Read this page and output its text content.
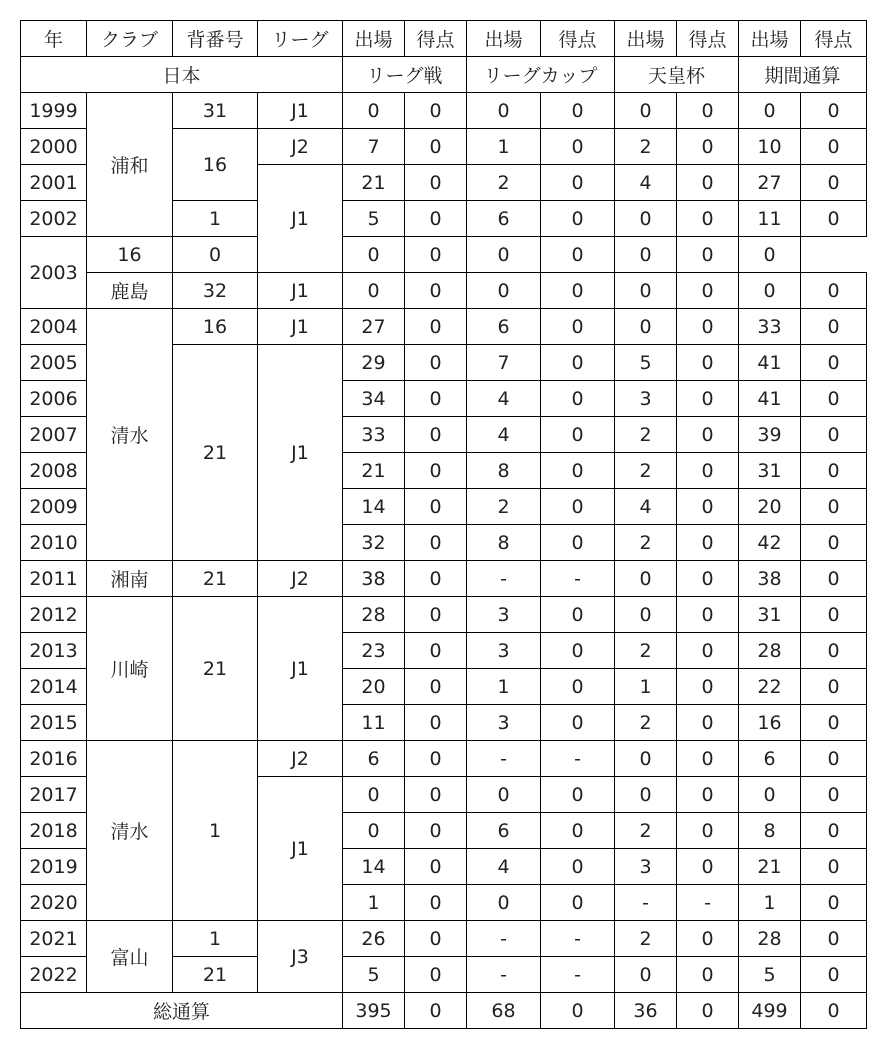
年	クラブ	背番号	リーグ	出場	得点	出場	得点	出場	得点	出場	得点
日本				リーグ戦		リーグカップ		天皇杯		期間通算	
1999	浦和	31	J1	0	0	0	0	0	0	0	0
2000		16	J2	7	0	1	0	2	0	10	0
2001			J1	21	0	2	0	4	0	27	0
2002		1		5	0	6	0	0	0	11	0
2003	16	0		0	0	0	0	0	0	0	
	鹿島	32	J1	0	0	0	0	0	0	0	0
2004	清水	16	J1	27	0	6	0	0	0	33	0
2005		21	J1	29	0	7	0	5	0	41	0
2006				34	0	4	0	3	0	41	0
2007				33	0	4	0	2	0	39	0
2008				21	0	8	0	2	0	31	0
2009				14	0	2	0	4	0	20	0
2010				32	0	8	0	2	0	42	0
2011	湘南	21	J2	38	0	-	-	0	0	38	0
2012	川崎	21	J1	28	0	3	0	0	0	31	0
2013				23	0	3	0	2	0	28	0
2014				20	0	1	0	1	0	22	0
2015				11	0	3	0	2	0	16	0
2016	清水	1	J2	6	0	-	-	0	0	6	0
2017			J1	0	0	0	0	0	0	0	0
2018				0	0	6	0	2	0	8	0
2019				14	0	4	0	3	0	21	0
2020				1	0	0	0	-	-	1	0
2021	富山	1	J3	26	0	-	-	2	0	28	0
2022		21		5	0	-	-	0	0	5	0
総通算				395	0	68	0	36	0	499	0
